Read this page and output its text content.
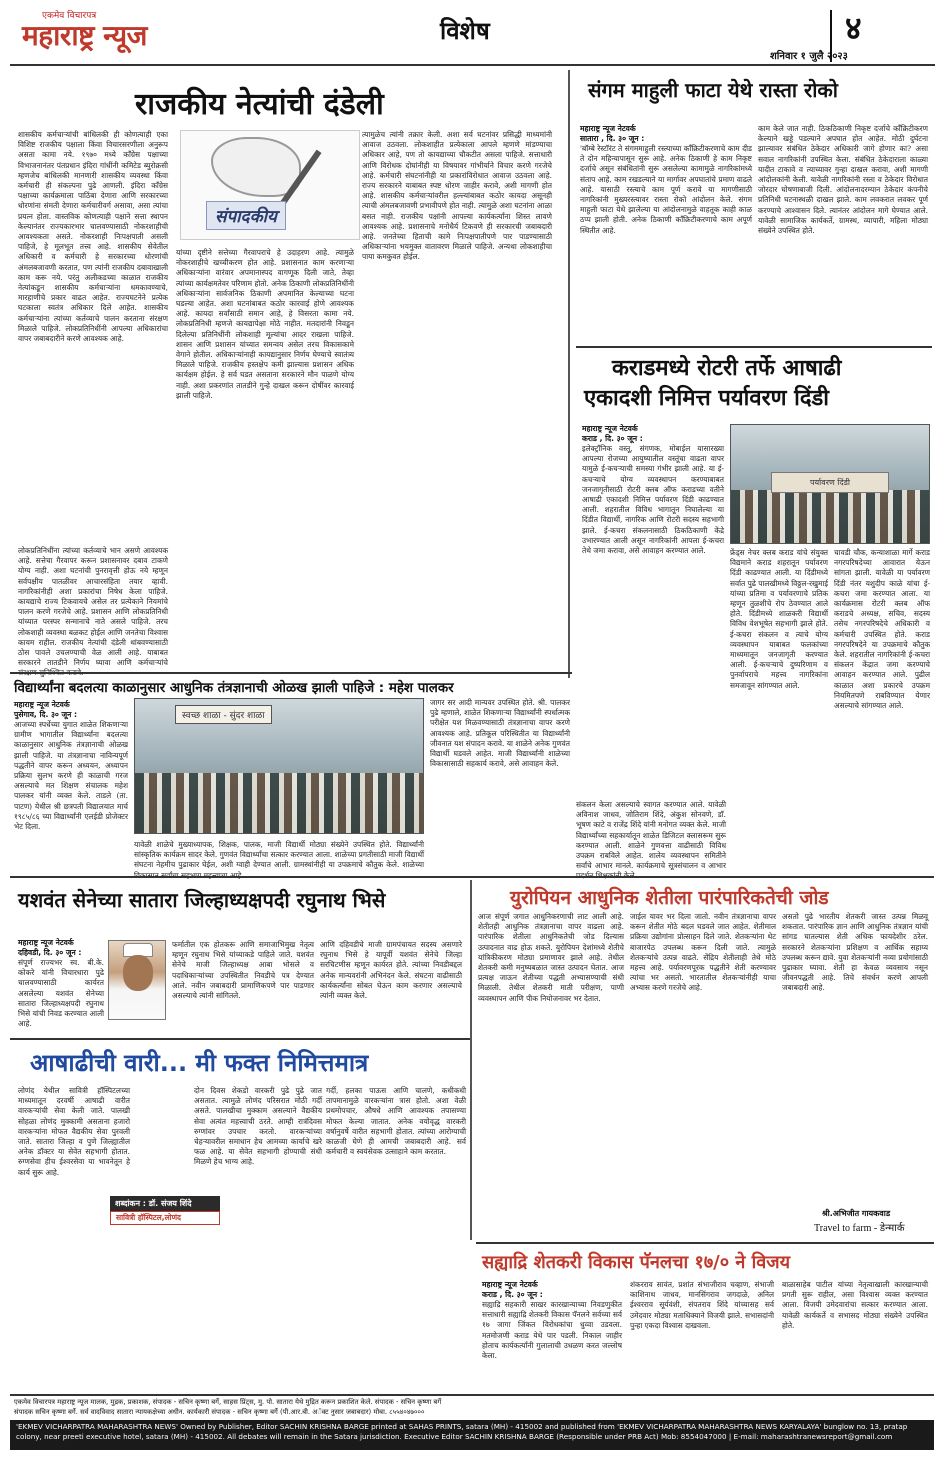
एकमेव विचारपत्र
महाराष्ट्र न्यूज	विशेष	४
शनिवार १ जुलै २०२३
राजकीय नेत्यांची दंडेली
संपादकीय
शासकीय कर्मचाऱ्यांची बांधिलकी ही कोणत्याही एका विशिष्ट राजकीय पक्षाला किंवा विचारसरणीला अनुरूप असता कामा नये. १९७० मध्ये काँग्रेस पक्षाच्या विभाजनानंतर पंतप्रधान इंदिरा गांधींनी कमिटेड ब्युरोक्रसी म्हणजेच बांधिलकी मानणारी शासकीय व्यवस्था किंवा कर्मचारी ही संकल्पना पुढे आणली. इंदिरा काँग्रेस पक्षाच्या कार्यक्रमाला पाठिंबा देणारा आणि सरकारच्या धोरणांना संमती देणारा कर्मचारीवर्ग असावा, असा त्यांचा प्रयत्न होता. वास्तविक कोणत्याही पक्षाने सत्ता स्थापन केल्यानंतर राज्यकारभार चालवण्यासाठी नोकरशाहीची आवश्यकता असते. नोकरशाही निःपक्षपाती असली पाहिजे, हे मूलभूत तत्त्व आहे. शासकीय सेवेतील अधिकारी व कर्मचारी हे सरकारच्या धोरणांची अंमलबजावणी करतात, पण त्यांनी राजकीय दबावाखाली काम करू नये. परंतु अलीकडच्या काळात राजकीय नेत्यांकडून शासकीय कर्मचाऱ्यांना धमकावण्याचे, मारहाणीचे प्रकार वाढत आहेत. राज्यघटनेने प्रत्येक घटकाला स्वतंत्र अधिकार दिले आहेत. शासकीय कर्मचाऱ्यांना त्यांच्या कर्तव्याचे पालन करताना संरक्षण मिळाले पाहिजे. लोकप्रतिनिधींनी आपल्या अधिकारांचा वापर जबाबदारीने करणे आवश्यक आहे.
यांच्या दृष्टीने सत्तेच्या गैरवापराचे हे उदाहरण आहे. त्यामुळे नोकरशाहीचे खच्चीकरण होत आहे. प्रशासनात काम करणाऱ्या अधिकाऱ्यांना वारंवार अपमानास्पद वागणूक दिली जाते, तेव्हा त्यांच्या कार्यक्षमतेवर परिणाम होतो. अनेक ठिकाणी लोकप्रतिनिधींनी अधिकाऱ्यांना सार्वजनिक ठिकाणी अपमानित केल्याच्या घटना घडल्या आहेत. अशा घटनांबाबत कठोर कारवाई होणे आवश्यक आहे. कायदा सर्वांसाठी समान आहे, हे विसरता कामा नये. लोकप्रतिनिधी म्हणजे कायद्यापेक्षा मोठे नाहीत. मतदारांनी निवडून दिलेल्या प्रतिनिधींनी लोकशाही मूल्यांचा आदर राखला पाहिजे. शासन आणि प्रशासन यांच्यात समन्वय असेल तरच विकासकामे वेगाने होतील. अधिकाऱ्यांनाही कायद्यानुसार निर्णय घेण्याचे स्वातंत्र्य मिळाले पाहिजे. राजकीय हस्तक्षेप कमी झाल्यास प्रशासन अधिक कार्यक्षम होईल. हे सर्व घडत असताना सरकारने मौन पाळणे योग्य नाही. अशा प्रकरणांत तातडीने गुन्हे दाखल करून दोषींवर कारवाई झाली पाहिजे.
त्यामुळेच त्यांनी तक्रार केली. अशा सर्व घटनांवर प्रसिद्धी माध्यमांनी आवाज उठवला. लोकशाहीत प्रत्येकाला आपले म्हणणे मांडण्याचा अधिकार आहे, पण तो कायद्याच्या चौकटीत असला पाहिजे. सत्ताधारी आणि विरोधक दोघांनीही या विषयावर गांभीर्याने विचार करणे गरजेचे आहे. कर्मचारी संघटनांनीही या प्रकारांविरोधात आवाज उठवला आहे. राज्य सरकारने याबाबत स्पष्ट धोरण जाहीर करावे, अशी मागणी होत आहे. शासकीय कर्मचाऱ्यांवरील हल्ल्यांबाबत कठोर कायदा असूनही त्याची अंमलबजावणी प्रभावीपणे होत नाही. त्यामुळे अशा घटनांना आळा बसत नाही. राजकीय पक्षांनी आपल्या कार्यकर्त्यांना शिस्त लावणे आवश्यक आहे. प्रशासनाचे मनोधैर्य टिकवणे ही सरकारची जबाबदारी आहे. जनतेच्या हिताची कामे निःपक्षपातीपणे पार पाडण्यासाठी अधिकाऱ्यांना भयमुक्त वातावरण मिळाले पाहिजे. अन्यथा लोकशाहीचा पाया कमकुवत होईल.
लोकप्रतिनिधींना त्यांच्या कर्तव्याचे भान असणे आवश्यक आहे. सत्तेचा गैरवापर करून प्रशासनावर दबाव टाकणे योग्य नाही. अशा घटनांची पुनरावृत्ती होऊ नये म्हणून सर्वपक्षीय पातळीवर आचारसंहिता तयार व्हावी. नागरिकांनीही अशा प्रकारांचा निषेध केला पाहिजे. कायद्याचे राज्य टिकवायचे असेल तर प्रत्येकाने नियमांचे पालन करणे गरजेचे आहे. प्रशासन आणि लोकप्रतिनिधी यांच्यात परस्पर सन्मानाचे नाते असले पाहिजे. तरच लोकशाही व्यवस्था बळकट होईल आणि जनतेचा विश्वास कायम राहील. राजकीय नेत्यांची दंडेली थांबवण्यासाठी ठोस पावले उचलण्याची वेळ आली आहे. याबाबत सरकारने तातडीने निर्णय घ्यावा आणि कर्मचाऱ्यांचे
संगम माहुली फाटा येथे रास्ता रोको
महाराष्ट्र न्यूज नेटवर्क
सातारा , दि. ३० जून :
'बॉम्बे रेस्टॉरंट ते संगममाहुली रस्त्याच्या काँक्रिटीकरणाचे काम दीड ते दोन महिन्यापासून सुरू आहे. अनेक ठिकाणी हे काम निकृष्ट दर्जाचे असून संबंधितांनी सुरू असलेल्या कामामुळे नागरिकांमध्ये संताप आहे. काम रखडल्याने या मार्गावर अपघातांचे प्रमाण वाढले आहे. यासाठी रस्त्याचे काम पूर्ण करावे या मागणीसाठी नागरिकांनी मुख्यरस्त्यावर रास्ता रोको आंदोलन केले. संगम माहुली फाटा येथे झालेल्या या आंदोलनामुळे वाहतूक काही काळ ठप्प झाली होती. अनेक ठिकाणी काँक्रिटीकरणाचे काम अपूर्ण स्थितीत आहे.
काम केले जात नाही. ठिकठिकाणी निकृष्ट दर्जाचे काँक्रिटीकरण केल्याने खड्डे पडल्याने अपघात होत आहेत. मोठी दुर्घटना झाल्यावर संबंधित ठेकेदार अधिकारी जागे होणार का? असा सवाल नागरिकांनी उपस्थित केला. संबंधित ठेकेदाराला काळ्या यादीत टाकावे व त्याच्यावर गुन्हा दाखल करावा, अशी मागणी आंदोलकांनी केली. यावेळी नागरिकांनी रस्ता व ठेकेदार विरोधात जोरदार घोषणाबाजी दिली. आंदोलनादरम्यान ठेकेदार कंपनीचे प्रतिनिधी घटनास्थळी दाखल झाले. काम लवकरात लवकर पूर्ण करण्याचे आश्वासन दिले. त्यानंतर आंदोलन मागे घेण्यात आले. यावेळी सामाजिक कार्यकर्ते, ग्रामस्थ, व्यापारी, महिला मोठ्या संख्येने उपस्थित होते.
कराडमध्ये रोटरी तर्फे आषाढी
एकादशी निमित्त पर्यावरण दिंडी
महाराष्ट्र न्यूज नेटवर्क
कराड , दि. ३० जून :
पर्यावरण दिंडी
इलेक्ट्रॉनिक वस्तू, संगणक, मोबाईल यासारख्या आपल्या रोजच्या आयुष्यातील वस्तूंचा वाढता वापर यामुळे ई-कचऱ्याची समस्या गंभीर झाली आहे. या ई-कचऱ्याचे योग्य व्यवस्थापन करण्याबाबत जनजागृतीसाठी रोटरी क्लब ऑफ कराडच्या वतीने आषाढी एकादशी निमित्त पर्यावरण दिंडी काढण्यात आली. शहरातील विविध भागातून निघालेल्या या दिंडीत विद्यार्थी, नागरिक आणि रोटरी सदस्य सहभागी झाले. ई-कचरा संकलनासाठी ठिकठिकाणी केंद्रे उभारण्यात आली असून नागरिकांनी आपला ई-कचरा तेथे जमा करावा, असे आवाहन करण्यात आले.	फ्रेंड्स नेचर क्लब कराड यांचे संयुक्त विद्यमाने कराड शहरातून पर्यावरण दिंडी काढण्यात आली. या दिंडीमध्ये सर्वात पुढे पालखीमध्ये विठ्ठल-रखुमाई यांच्या प्रतिमा व पर्यावरणाचे प्रतिक म्हणून तुळशीचे रोप ठेवण्यात आले होते. दिंडीमध्ये शाळकरी विद्यार्थी विविध वेशभूषेत सहभागी झाले होते. ई-कचरा संकलन व त्याचे योग्य व्यवस्थापन याबाबत फलकांच्या माध्यमातून जनजागृती करण्यात आली. ई-कचऱ्याचे दुष्परिणाम व पुनर्वापराचे महत्त्व नागरिकांना समजावून सांगण्यात आले.
चावडी चौक, कन्याशाळा मार्गे कराड नगरपरिषदेच्या आवारात येऊन सांगता झाली. यावेळी या पर्यावरण दिंडी नंतर यशुदीप काळे यांचा ई-कचरा जमा करण्यात आला. या कार्यक्रमास रोटरी क्लब ऑफ कराडचे अध्यक्ष, सचिव, सदस्य तसेच नगरपरिषदेचे अधिकारी व कर्मचारी उपस्थित होते. कराड नगरपरिषदेने या उपक्रमाचे कौतुक केले. शहरातील नागरिकांनी ई-कचरा संकलन केंद्रात जमा करण्याचे आवाहन करण्यात आले. पुढील काळात अशा प्रकारचे उपक्रम नियमितपणे राबविण्यात येणार असल्याचे सांगण्यात आले.
विद्यार्थ्यांना बदलत्या काळानुसार आधुनिक तंत्रज्ञानाची ओळख झाली पाहिजे : महेश पालकर
महाराष्ट्र न्यूज नेटवर्क
पुसेगाव, दि. ३० जून :
आजच्या स्पर्धेच्या युगात शाळेत शिकणाऱ्या ग्रामीण भागातील विद्यार्थ्यांना बदलत्या काळानुसार आधुनिक तंत्रज्ञानाची ओळख झाली पाहिजे. या तंत्रज्ञानाचा नाविन्यपूर्ण पद्धतीने वापर करून अध्ययन, अध्यापन प्रक्रिया सुलभ करणे ही काळाची गरज असल्याचे मत शिक्षण संचालक महेश पालकर यांनी व्यक्त केले. ताडले (ता. पाटण) येथील श्री छत्रपती विद्यालयात मार्च १९८५/८६ च्या विद्यार्थ्यांनी एलईडी प्रोजेक्टर भेट दिला.
स्वच्छ शाळा - सुंदर शाळा
यावेळी शाळेचे मुख्याध्यापक, शिक्षक, पालक, माजी विद्यार्थी मोठ्या संख्येने उपस्थित होते. विद्यार्थ्यांनी सांस्कृतिक कार्यक्रम सादर केले. गुणवंत विद्यार्थ्यांचा सत्कार करण्यात आला. शाळेच्या प्रगतीसाठी माजी विद्यार्थी संघटना नेहमीच पुढाकार घेईल, अशी ग्वाही देण्यात आली. ग्रामस्थांनीही या उपक्रमाचे कौतुक केले. शाळेच्या
जागर सर आदी मान्यवर उपस्थित होते. श्री. पालकर पुढे म्हणाले, शाळेत शिकणाऱ्या विद्यार्थ्यांनी स्पर्धात्मक परीक्षेत यश मिळवण्यासाठी तंत्रज्ञानाचा वापर करणे आवश्यक आहे. प्रतिकूल परिस्थितीत या विद्यार्थ्यांनी जीवनात यश संपादन करावे. या शाळेने अनेक गुणवंत विद्यार्थी घडवले आहेत. माजी विद्यार्थ्यांनी शाळेच्या विकासासाठी सहकार्य करावे, असे आवाहन केले.
संकलन केला असल्याचे स्वागत करण्यात आले. यावेळी अविनाश जाधव, जोतिराम शिंदे, अंकुश सोनवणे, डॉ. भूषण काटे व राजेंद्र शिंदे यांनी मनोगत व्यक्त केले. माजी विद्यार्थ्यांच्या सहकार्यातून शाळेत डिजिटल क्लासरूम सुरू करण्यात आली. शाळेने गुणवत्ता वाढीसाठी विविध उपक्रम राबविले आहेत. शालेय व्यवस्थापन समितीने सर्वांचे आभार मानले. कार्यक्रमाचे सूत्रसंचालन व आभार
यशवंत सेनेच्या सातारा जिल्हाध्यक्षपदी रघुनाथ भिसे
महाराष्ट्र न्यूज नेटवर्क
दहिवडी, दि. ३० जून :
संपूर्ण राज्यभर स्व. बी.के. कोकरे यांनी विचारधारा पुढे चालवण्यासाठी कार्यरत असलेल्या यशवंत सेनेच्या सातारा जिल्हाध्यक्षपदी रघुनाथ भिसे यांची निवड करण्यात आली आहे.
फर्मातील एक होतकरू आणि समाजाभिमुख नेतृत्व म्हणून रघुनाथ भिसे यांच्याकडे पाहिले जाते. यशवंत सेनेचे माजी जिल्हाध्यक्ष आबा भोसले व पदाधिकाऱ्यांच्या उपस्थितीत निवडीचे पत्र देण्यात आले. नवीन जबाबदारी प्रामाणिकपणे पार पाडणार असल्याचे त्यांनी सांगितले.
आणि दहिवडीचे माजी ग्रामपंचायत सदस्य असणारे रघुनाथ भिसे हे यापूर्वी यशवंत सेनेचे जिल्हा सरचिटणीस म्हणून कार्यरत होते. त्यांच्या निवडीबद्दल अनेक मान्यवरांनी अभिनंदन केले. संघटना वाढीसाठी कार्यकर्त्यांना सोबत घेऊन काम करणार असल्याचे त्यांनी व्यक्त केले.
युरोपियन आधुनिक शेतीला पारंपारिकतेची जोड
आज संपूर्ण जगात आधुनिकरणाची लाट आली आहे. शेतीतही आधुनिक तंत्रज्ञानाचा वापर वाढला आहे. पारंपारिक शेतीला आधुनिकतेची जोड दिल्यास उत्पादनात वाढ होऊ शकते. युरोपियन देशांमध्ये शेतीचे यांत्रिकीकरण मोठ्या प्रमाणावर झाले आहे. तेथील शेतकरी कमी मनुष्यबळात जास्त उत्पादन घेतात. आज प्रत्यक्ष जाऊन शेतीच्या पद्धती अभ्यासण्याची संधी मिळाली. तेथील शेतकरी माती परीक्षण, पाणी व्यवस्थापन आणि पीक नियोजनावर भर देतात.
जाईल यावर भर दिला जातो. नवीन तंत्रज्ञानाचा वापर करून शेतीत मोठे बदल घडवले जात आहेत. शेतीमाल प्रक्रिया उद्योगांना प्रोत्साहन दिले जाते. शेतकऱ्यांना थेट बाजारपेठ उपलब्ध करून दिली जाते. त्यामुळे शेतकऱ्यांचे उत्पन्न वाढते. सेंद्रिय शेतीलाही तेथे मोठे महत्त्व आहे. पर्यावरणपूरक पद्धतीने शेती करण्यावर त्यांचा भर असतो. भारतातील शेतकऱ्यांनीही याचा अभ्यास करणे गरजेचे आहे.
असतो पुढे भारतीय शेतकरी जास्त उत्पन्न मिळवू शकतात. पारंपारिक ज्ञान आणि आधुनिक तंत्रज्ञान यांची सांगड घातल्यास शेती अधिक फायदेशीर ठरेल. सरकारने शेतकऱ्यांना प्रशिक्षण व आर्थिक सहाय्य उपलब्ध करून द्यावे. युवा शेतकऱ्यांनी नव्या प्रयोगांसाठी पुढाकार घ्यावा. शेती हा केवळ व्यवसाय नसून जीवनपद्धती आहे. तिचे संवर्धन करणे आपली जबाबदारी आहे.
श्री.अभिजीत गायकवाड
Travel to farm - डेन्मार्क
आषाढीची वारी... मी फक्त निमित्तमात्र
लोणंद येथील सावित्री हॉस्पिटलच्या माध्यमातून दरवर्षी आषाढी वारीत वारकऱ्यांची सेवा केली जाते. पालखी सोहळा लोणंद मुक्कामी असताना हजारो वारकऱ्यांना मोफत वैद्यकीय सेवा पुरवली जाते. सातारा जिल्हा व पुणे जिल्ह्यातील अनेक डॉक्टर या सेवेत सहभागी होतात. रुग्णसेवा हीच ईश्वरसेवा या भावनेतून हे कार्य सुरू आहे.
शब्दांकन : डॉ. संजय शिंदे
सावित्री हॉस्पिटल,लोणंद
दोन दिवस शेकडो वारकरी पुढे पुढे जात असतात. त्यामुळे लोणंद परिसरात मोठी गर्दी असते. पालखीचा मुक्काम असल्याने वैद्यकीय सेवा अत्यंत महत्त्वाची ठरते. आम्ही रात्रंदिवस रुग्णांवर उपचार करतो. वारकऱ्यांच्या चेहऱ्यावरील समाधान हेच आमच्या कार्याचे खरे फळ आहे. या सेवेत सहभागी होण्याची संधी मिळणे हेच भाग्य आहे.
गर्दी, हलका पाऊस आणि चालणे, कधीकधी तापमानामुळे वारकऱ्यांना त्रास होतो. अशा वेळी प्रथमोपचार, औषधे आणि आवश्यक तपासण्या मोफत केल्या जातात. अनेक वयोवृद्ध वारकरी वर्षानुवर्षे वारीत सहभागी होतात. त्यांच्या आरोग्याची काळजी घेणे ही आमची जबाबदारी आहे. सर्व कर्मचारी व स्वयंसेवक उत्साहाने काम करतात.
सह्याद्रि शेतकरी विकास पॅनलचा १७/० ने विजय
महाराष्ट्र न्यूज नेटवर्क
कराड , दि. ३० जून :
सह्याद्रि सहकारी साखर कारखान्याच्या निवडणुकीत सत्ताधारी सह्याद्रि शेतकरी विकास पॅनलने सर्वच्या सर्व १७ जागा जिंकत विरोधकांचा धुव्वा उडवला. मतमोजणी कराड येथे पार पडली. निकाल जाहीर होताच कार्यकर्त्यांनी गुलालाची उधळण करत जल्लोष केला.
शंकरराव सावंत, प्रशांत संभाजीराव चव्हाण, संभाजी काशिनाथ जाधव, मानसिंगराव जगदाळे, अनिल ईश्वरराव सूर्यवंशी, संपतराव शिंदे यांच्यासह सर्व उमेदवार मोठ्या मताधिक्याने विजयी झाले. सभासदांनी पुन्हा एकदा विश्वास दाखवला.
बाळासाहेब पाटील यांच्या नेतृत्वाखाली कारखान्याची प्रगती सुरू राहील, असा विश्वास व्यक्त करण्यात आला. विजयी उमेदवारांचा सत्कार करण्यात आला. यावेळी कार्यकर्ते व सभासद मोठ्या संख्येने उपस्थित होते.
एकमेव विचारपत्र महाराष्ट्र न्यूज मालक, मुद्रक, प्रकाशक, संपादक - सचिन कृष्णा बर्गे, साहस प्रिंट्स, मु. पो. सातारा येथे मुद्रित करून प्रकाशित केले. संपादक - सचिन कृष्णा बर्गे
संपादक सचिन कृष्णा बर्गे. सर्व वादविवाद सातारा न्यायकक्षेच्या अधीन. कार्यकारी संपादक - सचिन कृष्णा बर्गे (पी.आर.बी. अॅक्ट नुसार जबाबदार) मोबा. ८५५४०४७०००
'EKMEV VICHARPATRA MAHARASHTRA NEWS' Owned by Publisher, Editor SACHIN KRISHNA BARGE printed at SAHAS PRINTS, satara (MH) - 415002 and published from 'EKMEV VICHARPATRA MAHARASHTRA NEWS KARYALAYA' bunglow no. 13, pratap colony, near preeti executive hotel, satara (MH) - 415002. All debates will remain in the Satara jurisdiction. Executive Editor SACHIN KRISHNA BARGE (Responsible under PRB Act) Mob: 8554047000 | E-mail: maharashtranewsreport@gmail.com
